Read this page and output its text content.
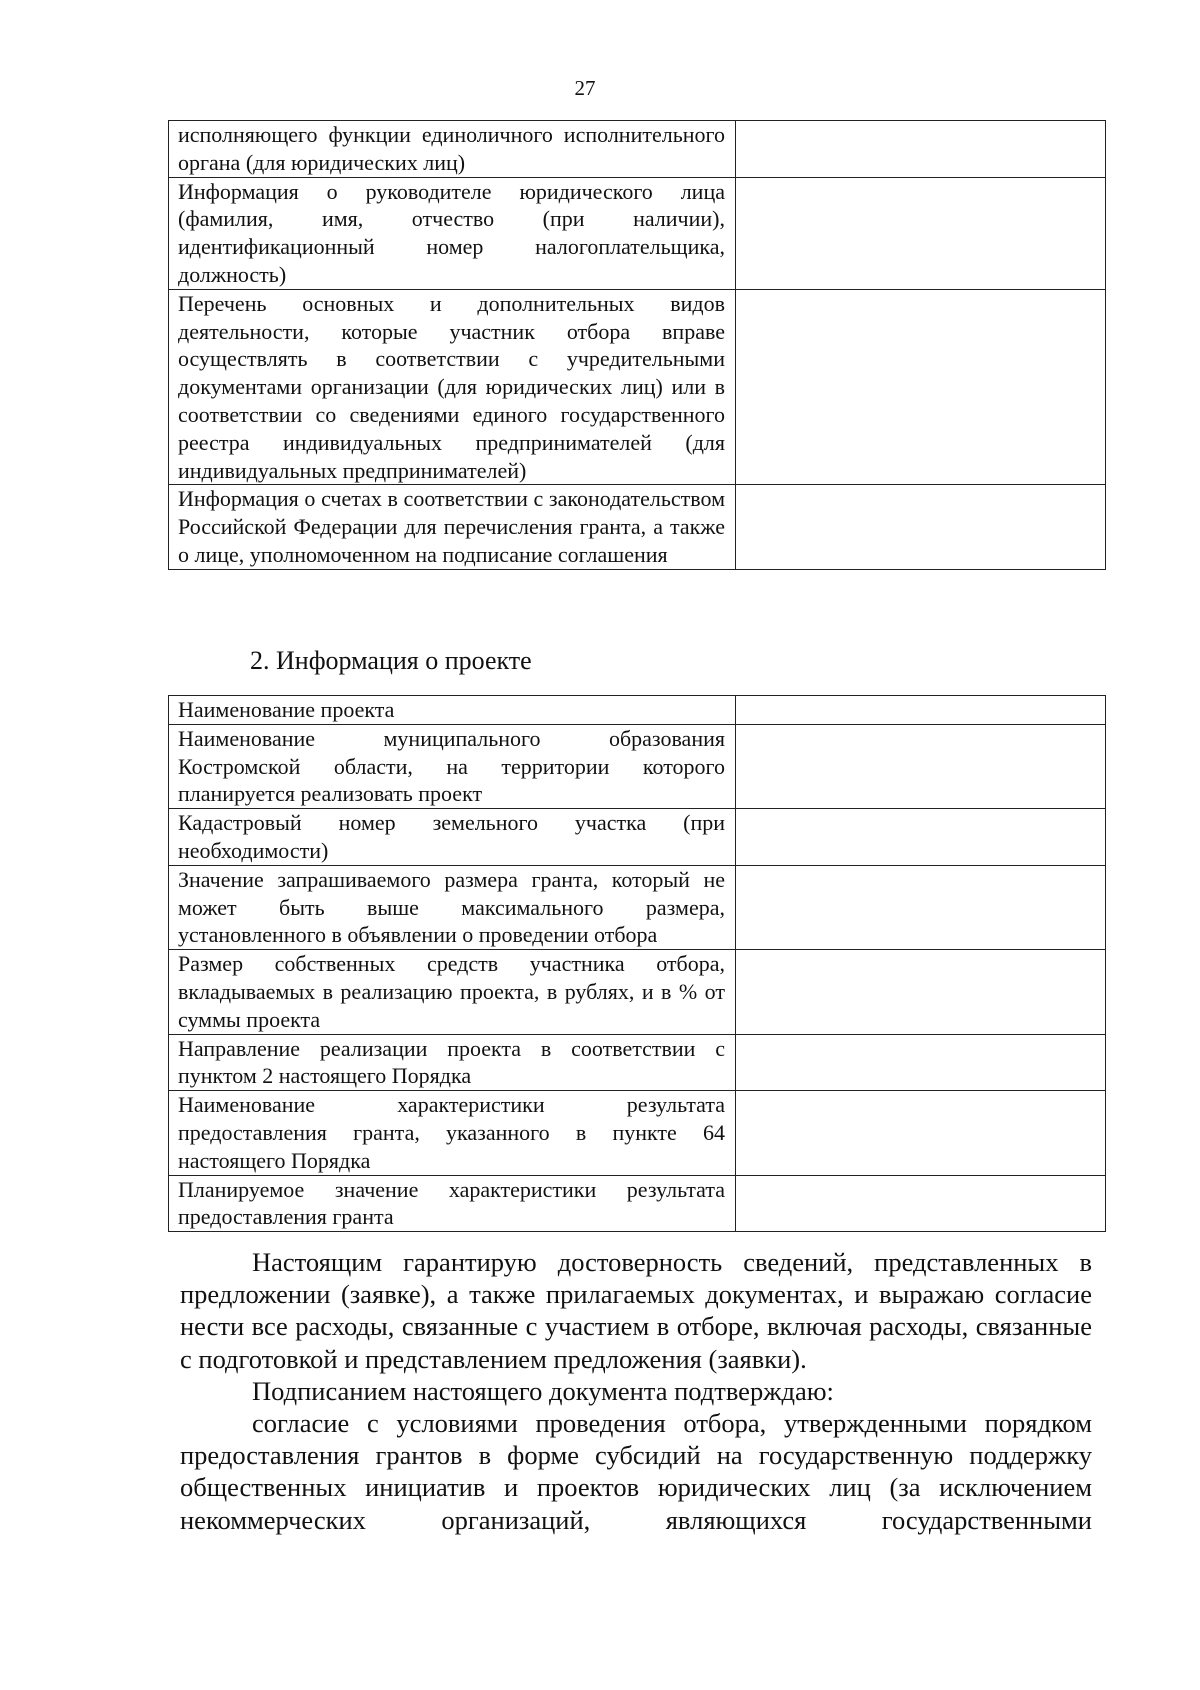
27
исполняющего функции единоличного исполнительного органа (для юридических лиц)	
Информация о руководителе юридического лица (фамилия, имя, отчество (при наличии), идентификационный номер налогоплательщика, должность)	
Перечень основных и дополнительных видов деятельности, которые участник отбора вправе осуществлять в соответствии с учредительными документами организации (для юридических лиц) или в соответствии со сведениями единого государственного реестра индивидуальных предпринимателей (для индивидуальных предпринимателей)	
Информация о счетах в соответствии с законодательством Российской Федерации для перечисления гранта, а также о лице, уполномоченном на подписание соглашения	
2. Информация о проекте
Наименование проекта	
Наименование муниципального образования Костромской области, на территории которого планируется реализовать проект	
Кадастровый номер земельного участка (при необходимости)	
Значение запрашиваемого размера гранта, который не может быть выше максимального размера, установленного в объявлении о проведении отбора	
Размер собственных средств участника отбора, вкладываемых в реализацию проекта, в рублях, и в % от суммы проекта	
Направление реализации проекта в соответствии с пунктом 2 настоящего Порядка	
Наименование характеристики результата предоставления гранта, указанного в пункте 64 настоящего Порядка	
Планируемое значение характеристики результата предоставления гранта	

Настоящим гарантирую достоверность сведений, представленных в предложении (заявке), а также прилагаемых документах, и выражаю согласие нести все расходы, связанные с участием в отборе, включая расходы, связанные с подготовкой и представлением предложения (заявки).

Подписанием настоящего документа подтверждаю:

согласие с условиями проведения отбора, утвержденными порядком предоставления грантов в форме субсидий на государственную поддержку общественных инициатив и проектов юридических лиц (за исключением некоммерческих организаций, являющихся государственными
